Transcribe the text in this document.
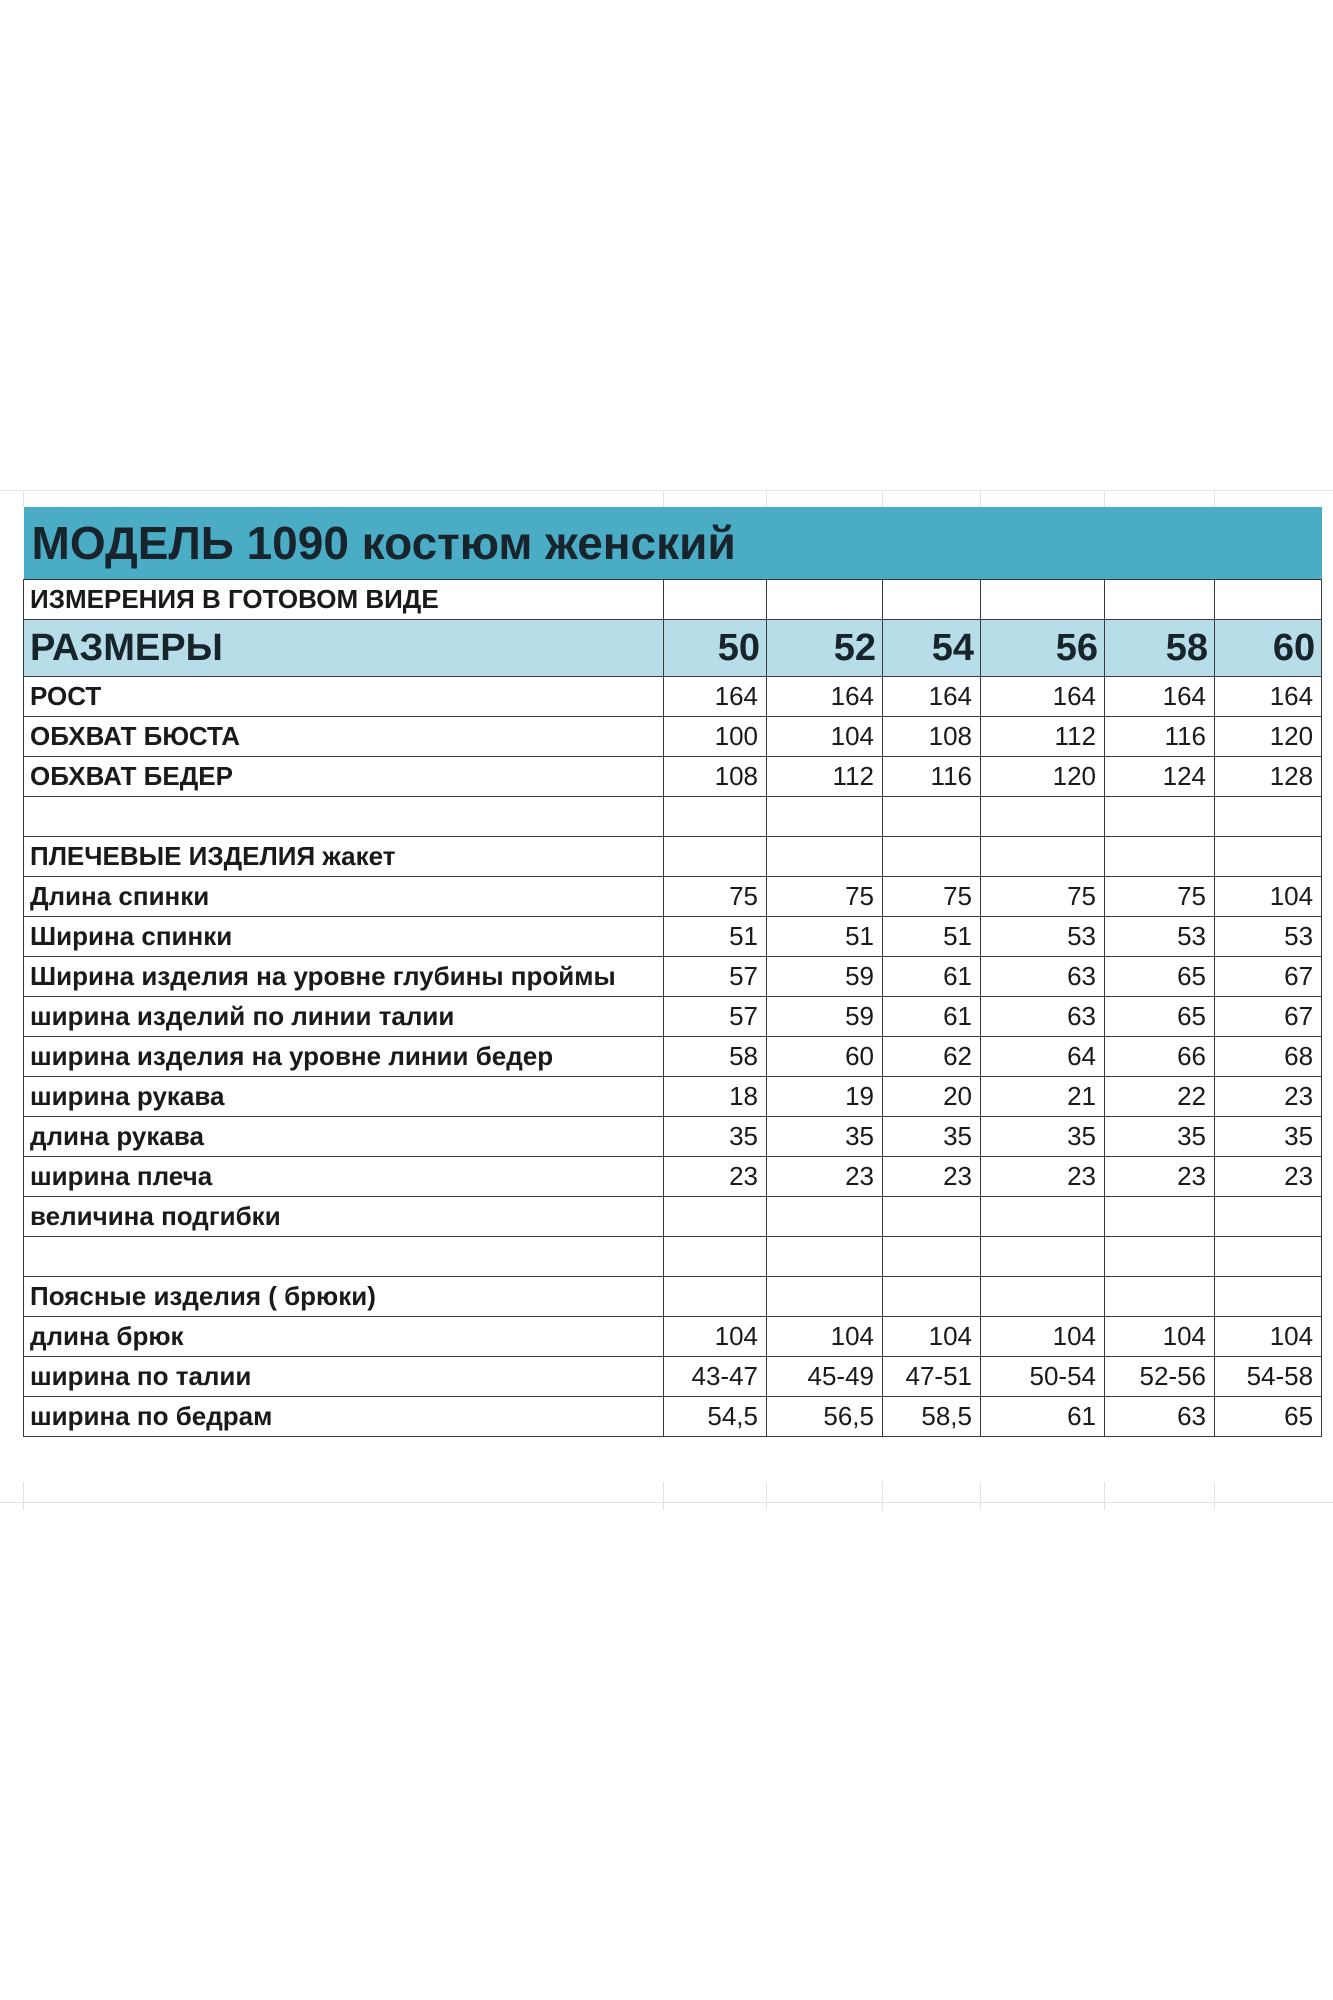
МОДЕЛЬ 1090 костюм женский						
ИЗМЕРЕНИЯ В ГОТОВОМ ВИДЕ						
РАЗМЕРЫ	50	52	54	56	58	60
РОСТ	164	164	164	164	164	164
ОБХВАТ БЮСТА	100	104	108	112	116	120
ОБХВАТ БЕДЕР	108	112	116	120	124	128

ПЛЕЧЕВЫЕ ИЗДЕЛИЯ жакет						
Длина спинки	75	75	75	75	75	104
Ширина спинки	51	51	51	53	53	53
Ширина изделия на уровне глубины проймы	57	59	61	63	65	67
ширина изделий по линии талии	57	59	61	63	65	67
ширина изделия на уровне линии бедер	58	60	62	64	66	68
ширина рукава	18	19	20	21	22	23
длина рукава	35	35	35	35	35	35
ширина плеча	23	23	23	23	23	23
величина подгибки						

Поясные изделия ( брюки)						
длина брюк	104	104	104	104	104	104
ширина по талии	43-47	45-49	47-51	50-54	52-56	54-58
ширина по бедрам	54,5	56,5	58,5	61	63	65
